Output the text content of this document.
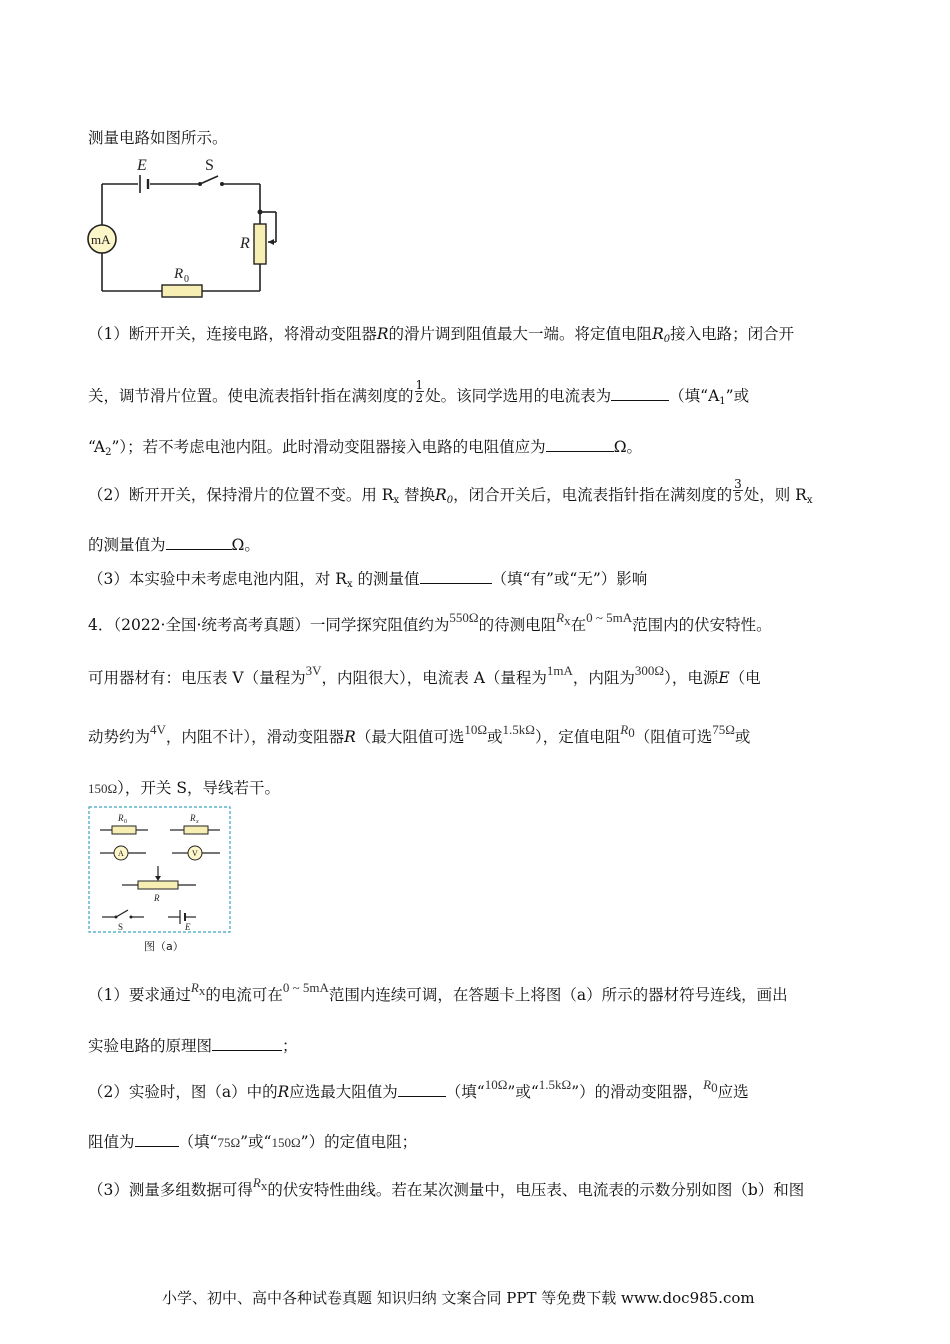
测量电路如图所示。
E	S
mA	R
R 0
（1）断开开关，连接电路，将滑动变阻器R的滑片调到阻值最大一端。将定值电阻$R_0$接入电路；闭合开
关，调节滑片位置。使电流表指针指在满刻度的 $\frac{1}{2}$ 处。该同学选用的电流表为	（填“$A_1$”或
“$A_2$”）；若不考虑电池内阻。此时滑动变阻器接入电路的电阻值应为	Ω。
（2）断开开关，保持滑片的位置不变。用 $R_x$ 替换$R_0$，闭合开关后，电流表指针指在满刻度的 $\frac{3}{5}$ 处，则 $R_x$
的测量值为	Ω。
（3）本实验中未考虑电池内阻，对 $R_x$ 的测量值	（填“有”或“无”）影响
4．（2022·全国·统考高考真题）一同学探究阻值约为$^{550\Omega}$的待测电阻$^{Rx}$在$^{0 \sim 5mA}$范围内的伏安特性。
可用器材有：电压表 V（量程为$^{3V}$，内阻很大），电流表 A（量程为$^{1mA}$，内阻为$^{300\Omega}$），电源E（电
动势约为$^{4V}$，内阻不计），滑动变阻器R（最大阻值可选$^{10\Omega}$或$^{1.5k\Omega}$），定值电阻$^{R0}$（阻值可选$^{75\Omega}$或
150Ω），开关 S，导线若干。
R 0	R x
A	V
R
S	E
图（a）
（1）要求通过$^{Rx}$的电流可在$^{0 \sim 5mA}$范围内连续可调，在答题卡上将图（a）所示的器材符号连线，画出
实验电路的原理图	；
（2）实验时，图（a）中的R应选最大阻值为	（填“$^{10\Omega}$”或“$^{1.5k\Omega}$”）的滑动变阻器，$^{R0}$应选
阻值为	（填“75Ω”或“150Ω”）的定值电阻；
（3）测量多组数据可得$^{Rx}$的伏安特性曲线。若在某次测量中，电压表、电流表的示数分别如图（b）和图
小学、初中、高中各种试卷真题 知识归纳 文案合同 PPT 等免费下载 www.doc985.com
